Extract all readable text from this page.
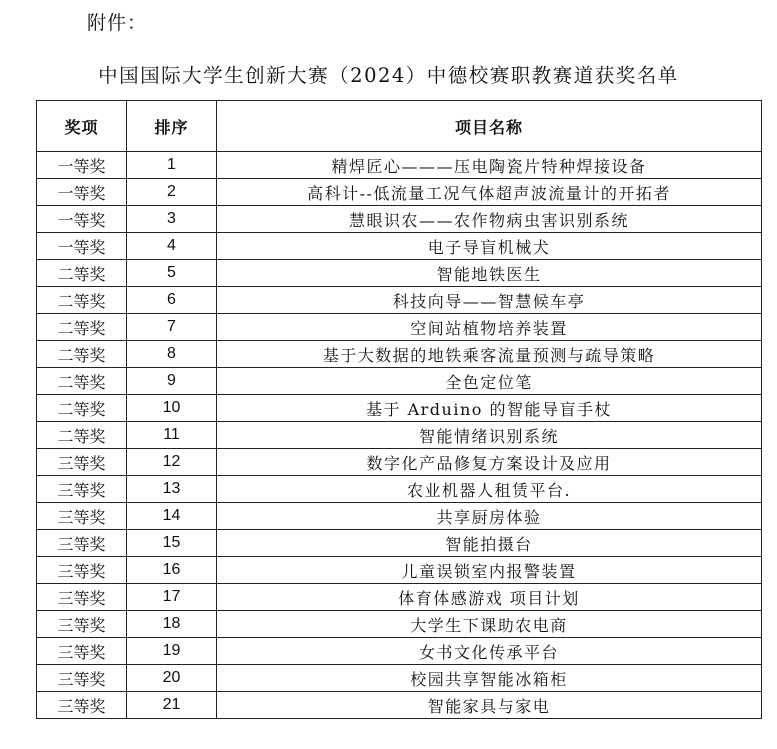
附件：
中国国际大学生创新大赛（2024）中德校赛职教赛道获奖名单
奖项	排序	项目名称
一等奖	1	精焊匠心———压电陶瓷片特种焊接设备
一等奖	2	高科计--低流量工况气体超声波流量计的开拓者
一等奖	3	慧眼识农——农作物病虫害识别系统
一等奖	4	电子导盲机械犬
二等奖	5	智能地铁医生
二等奖	6	科技向导——智慧候车亭
二等奖	7	空间站植物培养装置
二等奖	8	基于大数据的地铁乘客流量预测与疏导策略
二等奖	9	全色定位笔
二等奖	10	基于 Arduino 的智能导盲手杖
二等奖	11	智能情绪识别系统
三等奖	12	数字化产品修复方案设计及应用
三等奖	13	农业机器人租赁平台.
三等奖	14	共享厨房体验
三等奖	15	智能拍摄台
三等奖	16	儿童误锁室内报警装置
三等奖	17	体育体感游戏 项目计划
三等奖	18	大学生下课助农电商
三等奖	19	女书文化传承平台
三等奖	20	校园共享智能冰箱柜
三等奖	21	智能家具与家电
